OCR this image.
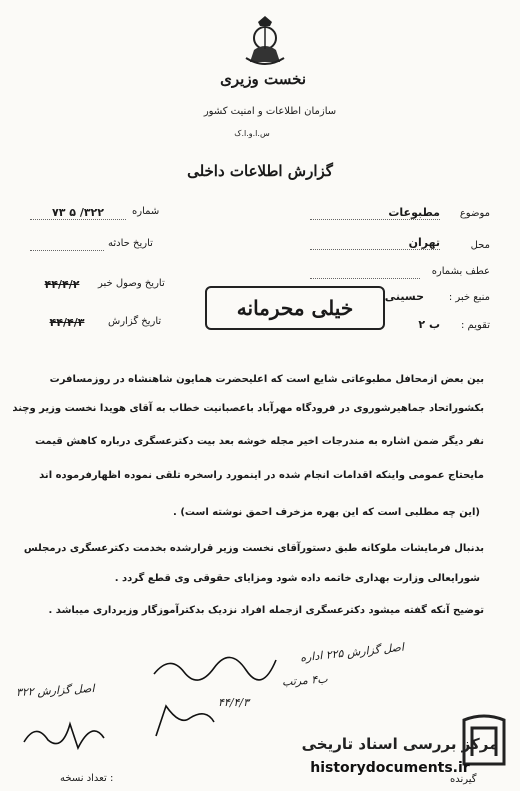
نخست وزیری
سازمان اطلاعات و امنیت کشور
س.ا.و.ا.ک
گزارش اطلاعات داخلی
شماره
۳۲۲/ ۵ ۷۳
تاریخ حادثه
تاریخ وصول خبر
۴۴/۴/۲
تاریخ گزارش
۴۴/۴/۳
موضوع
مطبوعات
محل
تهران
عطف بشماره
منبع خبر :
حسینی
تقویم :
ب ۲
خیلی محرمانه
بین بعض ازمحافل مطبوعاتی شایع است که اعلیحضرت همایون شاهنشاه در روزمسافرت
بکشوراتحاد جماهیرشوروی در فرودگاه مهرآباد باعصبانیت خطاب به آقای هویدا نخست وزیر وچند
نفر دیگر ضمن اشاره به مندرجات اخیر مجله خوشه بعد بیت دکترعسگری درباره کاهش قیمت
مایحتاج عمومی واینکه اقدامات انجام شده در اینمورد راسخره تلقی نموده اظهارفرموده اند
(این چه مطلبی است که این بهره مزخرف احمق نوشته است) .
بدنبال فرمایشات ملوکانه طبق دستورآقای نخست وزیر قرارشده بخدمت دکترعسگری درمجلس
شورایعالی وزارت بهداری خاتمه داده شود ومزایای حقوقی وی قطع گردد .
توضیح آنکه گفته میشود دکترعسگری ازجمله افراد نزدیک بدکترآموزگار وزیرداری میباشد .
اصل گزارش ۲۲۵ اداره
ب۴ مرتب
اصل گزارش ۳۲۲
۴۴/۴/۳
: تعداد نسخه	گیرنده
مرکز بررسی اسناد تاریخی
historydocuments.ir
